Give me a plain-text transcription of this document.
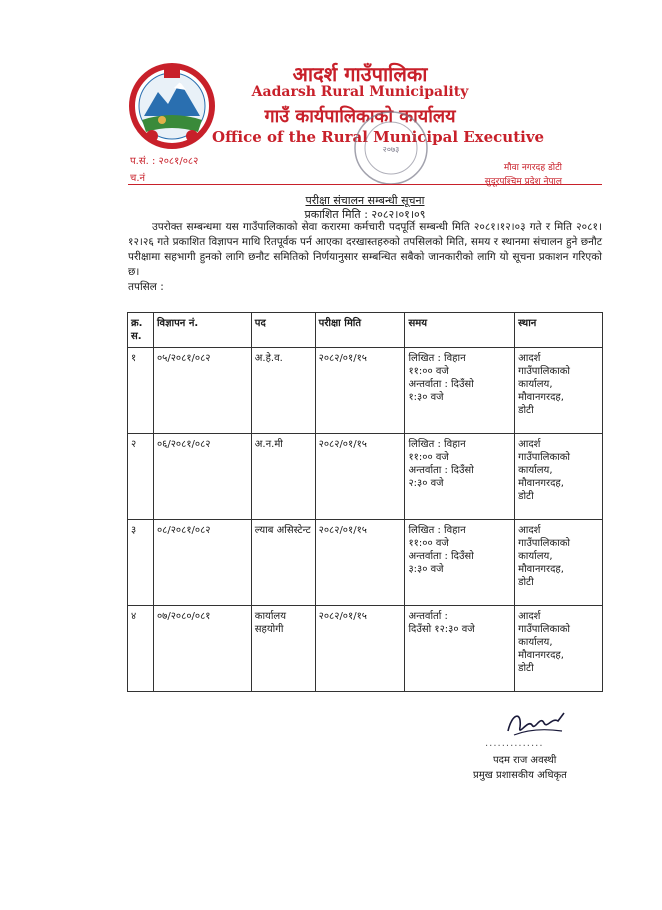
आदर्श गाउँपालिका
Aadarsh Rural Municipality
गाउँ कार्यपालिकाको कार्यालय
Office of the Rural Municipal Executive
२०७३
प.सं. : २०८१/०८२
च.नं
मौवा नगरदह डोटी
सुदूरपश्चिम प्रदेश नेपाल
परीक्षा संचालन सम्बन्धी सूचना
प्रकाशित मिति : २०८२।०१।०९
उपरोक्त सम्बन्धमा यस गाउँपालिकाको सेवा करारमा कर्मचारी पदपूर्ति सम्बन्धी मिति २०८१।१२।०३ गते र मिति २०८१।१२।२६ गते प्रकाशित विज्ञापन माथि रितपूर्वक पर्न आएका दरखास्तहरुको तपसिलको मिति, समय र स्थानमा संचालन हुने छनौट परीक्षामा सहभागी हुनको लागि छनौट समितिको निर्णयानुसार सम्बन्धित सबैको जानकारीको लागि यो सूचना प्रकाशन गरिएको छ।
तपसिल :
क्र. स.	विज्ञापन नं.	पद	परीक्षा मिति	समय	स्थान
१	०५/२०८१/०८२	अ.हे.व.	२०८२/०१/१५	लिखित : विहान
११:०० वजे
अन्तर्वाता : दिउँसो
१:३० वजे	आदर्श
गाउँपालिकाको
कार्यालय,
मौवानगरदह,
डोटी

२	०६/२०८१/०८२	अ.न.मी	२०८२/०१/१५	लिखित : विहान
११:०० वजे
अन्तर्वाता : दिउँसो
२:३० वजे	आदर्श
गाउँपालिकाको
कार्यालय,
मौवानगरदह,
डोटी

३	०८/२०८१/०८२	ल्याब असिस्टेन्ट	२०८२/०१/१५	लिखित : विहान
११:०० वजे
अन्तर्वाता : दिउँसो
३:३० वजे	आदर्श
गाउँपालिकाको
कार्यालय,
मौवानगरदह,
डोटी

४	०७/२०८०/०८१	कार्यालय सहयोगी	२०८२/०१/१५	अन्तर्वार्ता :
दिउँसो १२:३० वजे	आदर्श
गाउँपालिकाको
कार्यालय,
मौवानगरदह,
डोटी
..............
पदम राज अवस्थी
प्रमुख प्रशासकीय अधिकृत
